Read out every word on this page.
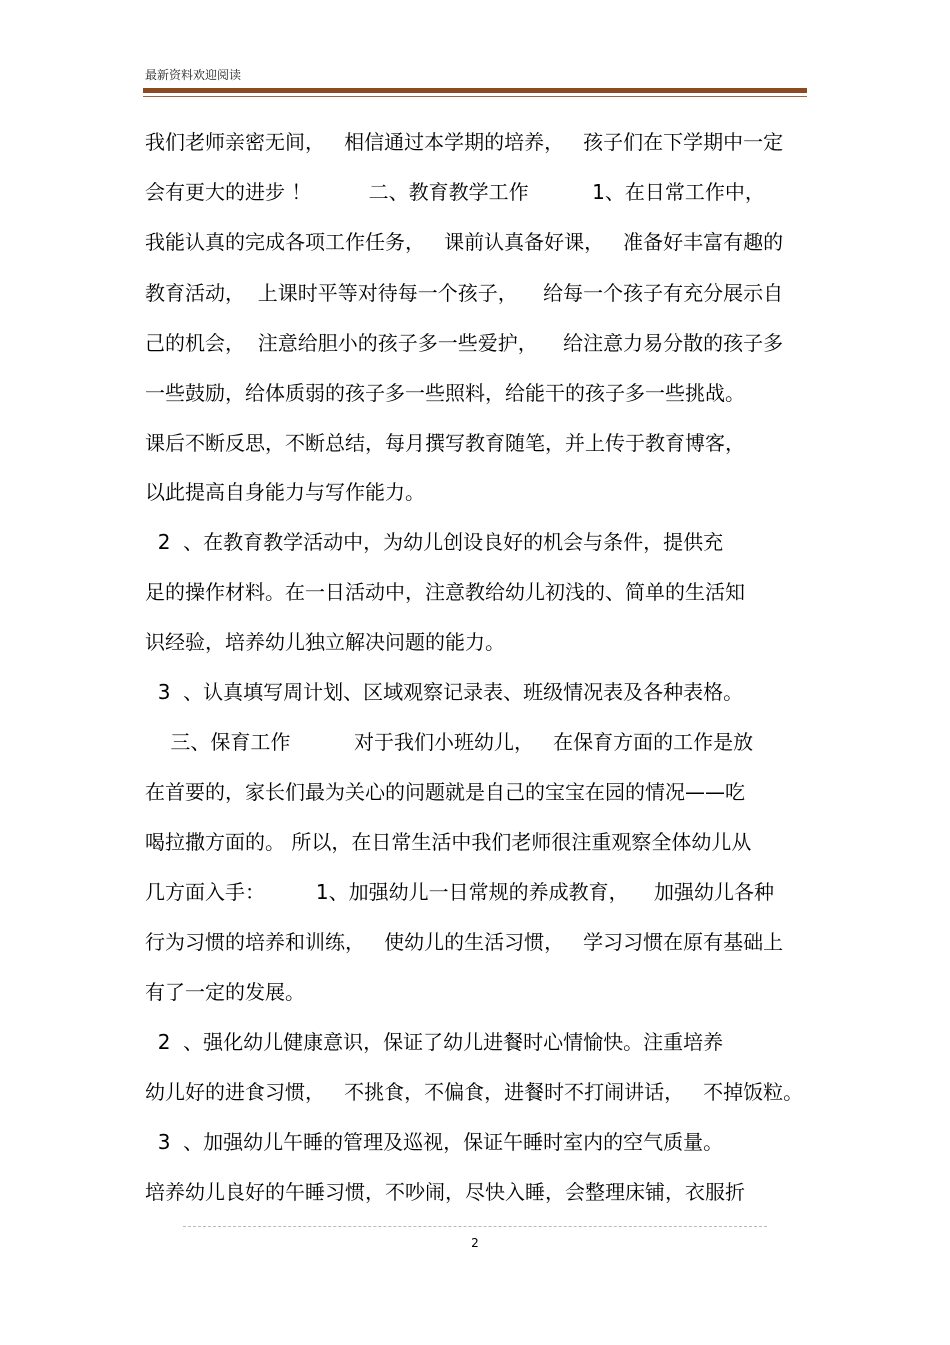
最新资料欢迎阅读
我们老师亲密无间，   相信通过本学期的培养，   孩子们在下学期中一定
会有更大的进步 ！         二、教育教学工作          1、在日常工作中，
我能认真的完成各项工作任务，   课前认真备好课，   准备好丰富有趣的
教育活动，  上课时平等对待每一个孩子，    给每一个孩子有充分展示自
己的机会，  注意给胆小的孩子多一些爱护，    给注意力易分散的孩子多
一些鼓励，给体质弱的孩子多一些照料，给能干的孩子多一些挑战。
课后不断反思，不断总结，每月撰写教育随笔，并上传于教育博客，
以此提高自身能力与写作能力。
2  、在教育教学活动中，为幼儿创设良好的机会与条件，提供充
足的操作材料。在一日活动中，注意教给幼儿初浅的、简单的生活知
识经验，培养幼儿独立解决问题的能力。
3  、认真填写周计划、区域观察记录表、班级情况表及各种表格。
三、保育工作          对于我们小班幼儿，   在保育方面的工作是放
在首要的，家长们最为关心的问题就是自己的宝宝在园的情况——吃
喝拉撒方面的。 所以，在日常生活中我们老师很注重观察全体幼儿从
几方面入手：        1、加强幼儿一日常规的养成教育，    加强幼儿各种
行为习惯的培养和训练，   使幼儿的生活习惯，   学习习惯在原有基础上
有了一定的发展。
2  、强化幼儿健康意识，保证了幼儿进餐时心情愉快。注重培养
幼儿好的进食习惯，   不挑食，不偏食，进餐时不打闹讲话，   不掉饭粒。
3  、加强幼儿午睡的管理及巡视，保证午睡时室内的空气质量。
培养幼儿良好的午睡习惯，不吵闹，尽快入睡，会整理床铺，衣服折
2
